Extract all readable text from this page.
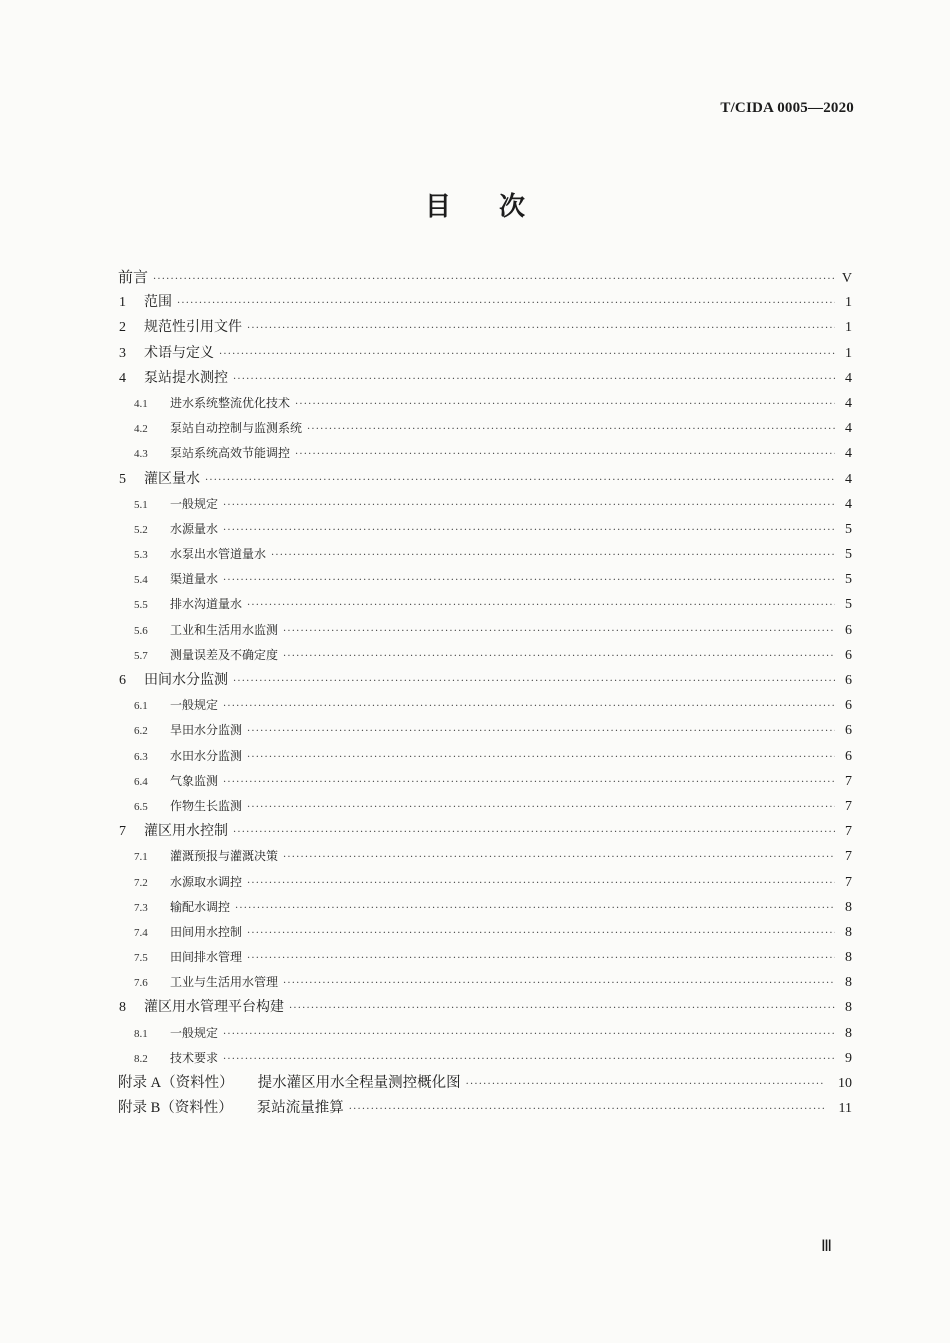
T/CIDA 0005—2020
目 次
前言 ·····	V
1	范围 ·····	1
2	规范性引用文件 ·····	1
3	术语与定义 ·····	1
4	泵站提水测控 ·····	4
4.1	进水系统整流优化技术 ·····	4
4.2	泵站自动控制与监测系统 ·····	4
4.3	泵站系统高效节能调控 ·····	4
5	灌区量水 ·····	4
5.1	一般规定 ·····	4
5.2	水源量水 ·····	5
5.3	水泵出水管道量水 ·····	5
5.4	渠道量水 ·····	5
5.5	排水沟道量水 ·····	5
5.6	工业和生活用水监测 ·····	6
5.7	测量误差及不确定度 ·····	6
6	田间水分监测 ·····	6
6.1	一般规定 ·····	6
6.2	旱田水分监测 ·····	6
6.3	水田水分监测 ·····	6
6.4	气象监测 ·····	7
6.5	作物生长监测 ·····	7
7	灌区用水控制 ·····	7
7.1	灌溉预报与灌溉决策 ·····	7
7.2	水源取水调控 ·····	7
7.3	输配水调控 ·····	8
7.4	田间用水控制 ·····	8
7.5	田间排水管理 ·····	8
7.6	工业与生活用水管理 ·····	8
8	灌区用水管理平台构建 ·····	8
8.1	一般规定 ·····	8
8.2	技术要求 ·····	9
附录 A（资料性） 提水灌区用水全程量测控概化图 ·····	10
附录 B（资料性） 泵站流量推算 ·····	11
Ⅲ
